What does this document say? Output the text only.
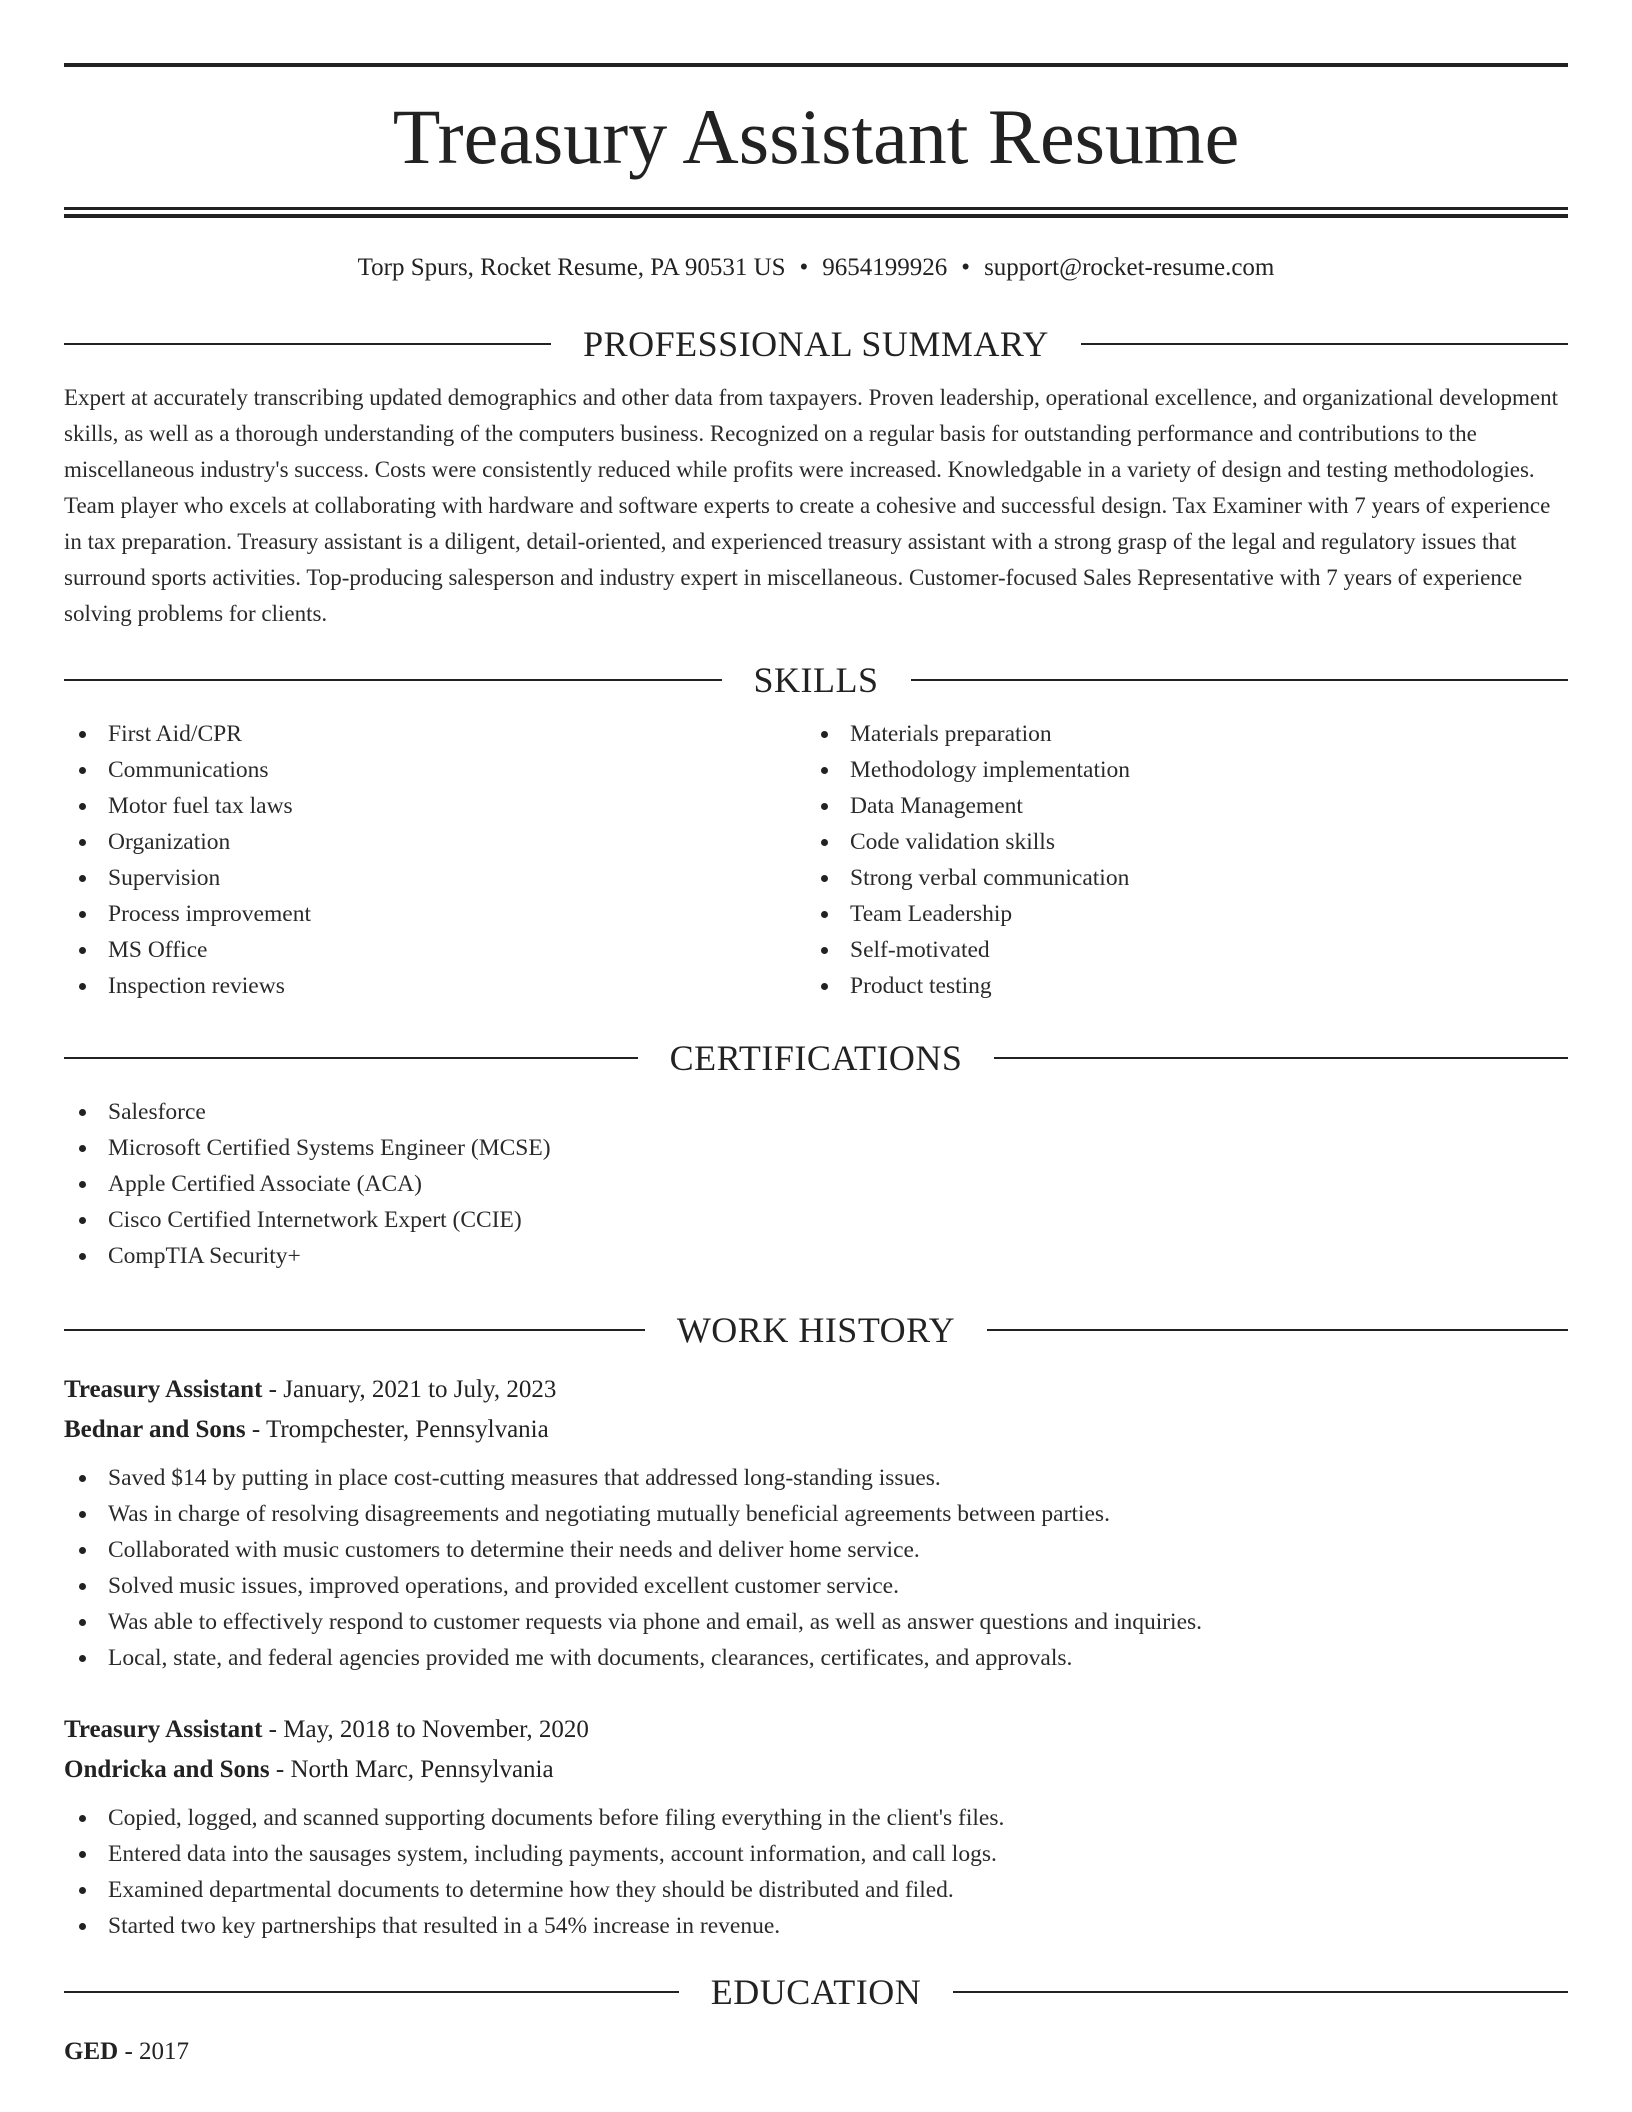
Treasury Assistant Resume
Torp Spurs, Rocket Resume, PA 90531 US • 9654199926 • support@rocket-resume.com
PROFESSIONAL SUMMARY
Expert at accurately transcribing updated demographics and other data from taxpayers. Proven leadership, operational excellence, and organizational development skills, as well as a thorough understanding of the computers business. Recognized on a regular basis for outstanding performance and contributions to the miscellaneous industry's success. Costs were consistently reduced while profits were increased. Knowledgable in a variety of design and testing methodologies. Team player who excels at collaborating with hardware and software experts to create a cohesive and successful design. Tax Examiner with 7 years of experience in tax preparation. Treasury assistant is a diligent, detail-oriented, and experienced treasury assistant with a strong grasp of the legal and regulatory issues that surround sports activities. Top-producing salesperson and industry expert in miscellaneous. Customer-focused Sales Representative with 7 years of experience solving problems for clients.
SKILLS
First Aid/CPR
Communications
Motor fuel tax laws
Organization
Supervision
Process improvement
MS Office
Inspection reviews
Materials preparation
Methodology implementation
Data Management
Code validation skills
Strong verbal communication
Team Leadership
Self-motivated
Product testing
CERTIFICATIONS
Salesforce
Microsoft Certified Systems Engineer (MCSE)
Apple Certified Associate (ACA)
Cisco Certified Internetwork Expert (CCIE)
CompTIA Security+
WORK HISTORY
Treasury Assistant - January, 2021 to July, 2023
Bednar and Sons - Trompchester, Pennsylvania
Saved $14 by putting in place cost-cutting measures that addressed long-standing issues.
Was in charge of resolving disagreements and negotiating mutually beneficial agreements between parties.
Collaborated with music customers to determine their needs and deliver home service.
Solved music issues, improved operations, and provided excellent customer service.
Was able to effectively respond to customer requests via phone and email, as well as answer questions and inquiries.
Local, state, and federal agencies provided me with documents, clearances, certificates, and approvals.
Treasury Assistant - May, 2018 to November, 2020
Ondricka and Sons - North Marc, Pennsylvania
Copied, logged, and scanned supporting documents before filing everything in the client's files.
Entered data into the sausages system, including payments, account information, and call logs.
Examined departmental documents to determine how they should be distributed and filed.
Started two key partnerships that resulted in a 54% increase in revenue.
EDUCATION
GED - 2017
